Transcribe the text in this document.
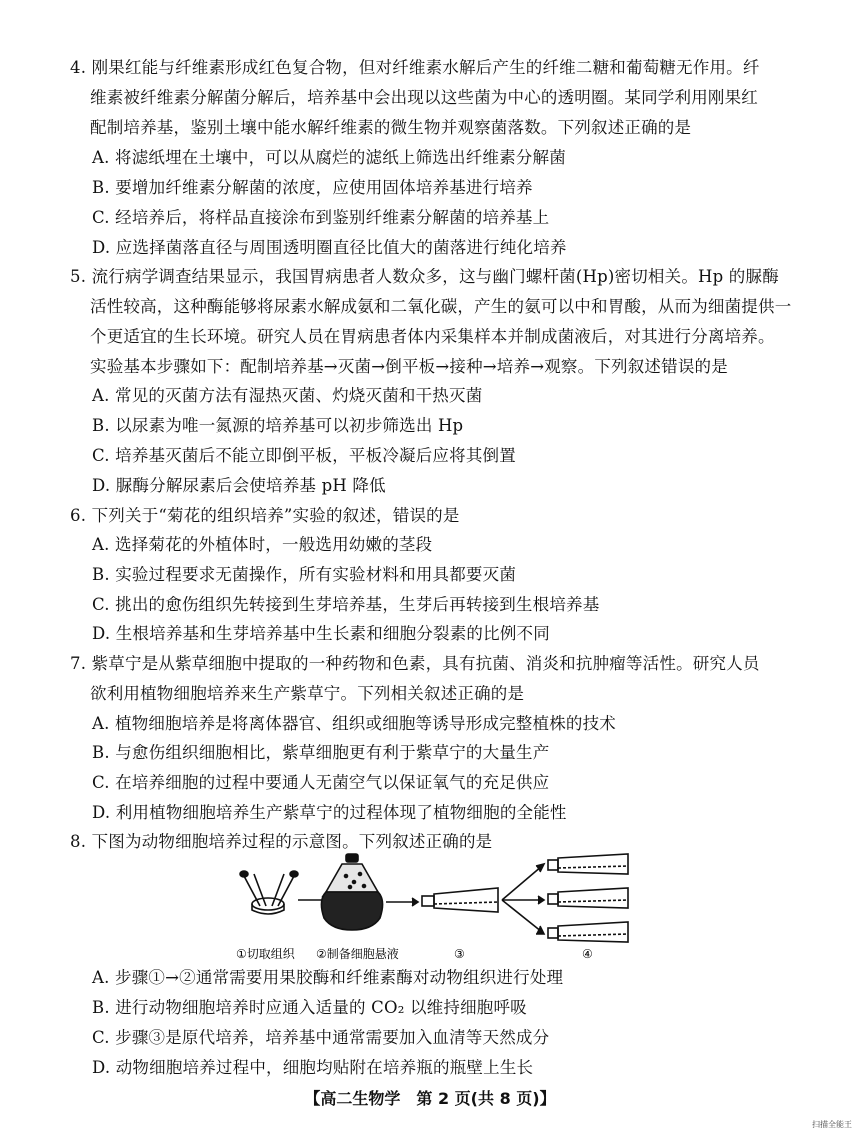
4. 刚果红能与纤维素形成红色复合物，但对纤维素水解后产生的纤维二糖和葡萄糖无作用。纤
维素被纤维素分解菌分解后，培养基中会出现以这些菌为中心的透明圈。某同学利用刚果红
配制培养基，鉴别土壤中能水解纤维素的微生物并观察菌落数。下列叙述正确的是
A. 将滤纸埋在土壤中，可以从腐烂的滤纸上筛选出纤维素分解菌
B. 要增加纤维素分解菌的浓度，应使用固体培养基进行培养
C. 经培养后，将样品直接涂布到鉴别纤维素分解菌的培养基上
D. 应选择菌落直径与周围透明圈直径比值大的菌落进行纯化培养
5. 流行病学调查结果显示，我国胃病患者人数众多，这与幽门螺杆菌(Hp)密切相关。Hp 的脲酶
活性较高，这种酶能够将尿素水解成氨和二氧化碳，产生的氨可以中和胃酸，从而为细菌提供一
个更适宜的生长环境。研究人员在胃病患者体内采集样本并制成菌液后，对其进行分离培养。
实验基本步骤如下：配制培养基→灭菌→倒平板→接种→培养→观察。下列叙述错误的是
A. 常见的灭菌方法有湿热灭菌、灼烧灭菌和干热灭菌
B. 以尿素为唯一氮源的培养基可以初步筛选出 Hp
C. 培养基灭菌后不能立即倒平板，平板冷凝后应将其倒置
D. 脲酶分解尿素后会使培养基 pH 降低
6. 下列关于“菊花的组织培养”实验的叙述，错误的是
A. 选择菊花的外植体时，一般选用幼嫩的茎段
B. 实验过程要求无菌操作，所有实验材料和用具都要灭菌
C. 挑出的愈伤组织先转接到生芽培养基，生芽后再转接到生根培养基
D. 生根培养基和生芽培养基中生长素和细胞分裂素的比例不同
7. 紫草宁是从紫草细胞中提取的一种药物和色素，具有抗菌、消炎和抗肿瘤等活性。研究人员
欲利用植物细胞培养来生产紫草宁。下列相关叙述正确的是
A. 植物细胞培养是将离体器官、组织或细胞等诱导形成完整植株的技术
B. 与愈伤组织细胞相比，紫草细胞更有利于紫草宁的大量生产
C. 在培养细胞的过程中要通人无菌空气以保证氧气的充足供应
D. 利用植物细胞培养生产紫草宁的过程体现了植物细胞的全能性
8. 下图为动物细胞培养过程的示意图。下列叙述正确的是
①切取组织 ②制备细胞悬液	③	④
A. 步骤①→②通常需要用果胶酶和纤维素酶对动物组织进行处理
B. 进行动物细胞培养时应通入适量的 CO₂ 以维持细胞呼吸
C. 步骤③是原代培养，培养基中通常需要加入血清等天然成分
D. 动物细胞培养过程中，细胞均贴附在培养瓶的瓶壁上生长
【高二生物学　第 2 页(共 8 页)】
扫描全能王
